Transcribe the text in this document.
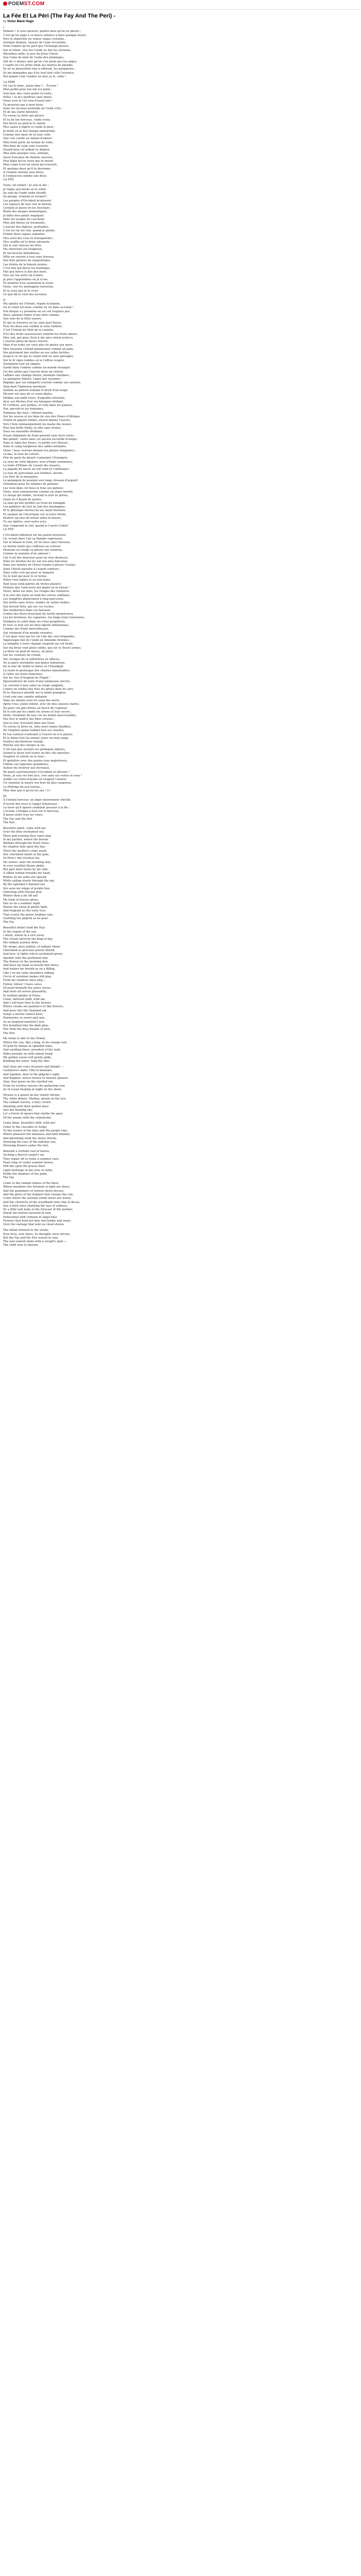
POEMST.COM
La Fée Et La Péri (The Fay And The Peri) -

by Victor Marie Hugo

I
Enfants ! si vous mourez, gardez bien qu'on ne pleure ;
C'est qu'un ange à ce douce enfance à faire quelque heure,
Vers le sépulchre en veines vague coutume ;
Quelque demain, saurais de l'ame recueillée,
Voilà l'ombre qu'on part que l'Echange pourra.
Sur la tomie, vira fou l'onde ou fair les réclaims,
Attendrez enfin, le jour de Jésus Christ,
Que l'ame du miel de l'aube des phalanges,
Ont de ci doutes unis qu'on s'en proie peu les anges.
L'esprit en l'or, prête émin ses mortus de paradis.
Ils ne se piroyoilent rien à offorent, les purgatoire ;
Ils me demandez pas d'ou tout doit celle l'essence.
Nul jamais l'ont conduis en mer, je le, voilà !
LA PÉRI
Où vas-tu donc, jeune âme ?... Écoute !
Mon jardin pour ton œil n'a point ;
Suis-moi, des cieux quitte la route ;
Hélas ! tu m'y perdrais sans doute.
Viens sous le ciel rien d'aussi loin !
Tu pourrais pas à mon foyer,
Dans tes lacunes profonds où l'outil s'fut ;
Et de ma clarté dernière
Tu verras ta mère qui pleure,
Et tu de ton berceau, vinde reste;
Des fleurs au pied je le saison.
Mes saoux à légère ici nulle la peut ;
Je brille en le fuit trempe immortelle.
Comme une sœur de la lune celle.
Que l'on cueille en Amant d'amour.
Mon front porte un turban de rubis.
Mes bras de voile sont couverts,
Quand mon vol ardent se dépose,
Mes ailes pourpre rose, ardente,
Aussi d'un pieu de flamme sauvera,
Plus léger qu'un verre qui se meurt.
Mon corps n'est un rayon qui trouvait;
Et quelque deux qu'il te devienne.
Il l'enfant sereine sera dévie,
Il l'enfancera comme une fleur.
LA FÉE
Viens, tel enfant ! Je suis la fée ;
Je règne aux bords où le soleil
Au sein de l'onde enfin étouffé,
Se plonge, éclatant et vermeil !
Les peuples d'Occident m'adorent.
Les vapeurs de leur ciel se dorent,
Lorsque je passe en les touchant ;
Reine des nuages monastiques,
Je bâtis mes palais magiques
Dans les nuages du couchant.
Mon aile blesse en freumonts,
L'aurore des légères, profondes;
C'est en sur les voit, quand je plume,
Frémir deux vagues argentes.
Mes seuil des ruse et transparente ;
Mes souffle est le brise odorante.
Qui le soir caresse les flots,
Ma chevelure est nuageuse,
Et ma bouche mélodieuse.
Mêle un souvire à tout sans travaux.
Des flots grisiers de sangsoileges,
Las étoiles de la beauté ornées,
C'est moi qui berce les fouillages.
Moi que berce le dos des mers.
Vois sur ton astre un éclaire,
Je puis t'appréndres où je n'ose.
Te montrer d'un seulement la route,
Viens, voir les montagnes inwoutée,
Si tu veux que je te vivre
Ce que dit le vent des nuveaux.
II
Ma splatte est l'Orient, région éclatante,
Ou le soleil est beau comme un roi dans sa tente !
Son disque s'y promène en un ciel toujours pur,
Ainsi, parnani fumer d'une mite comme,
Aux sens de la flûte sonore,
Et qui se traverse un lac sans quel fleuve.
Tous les deux son combat la zone ombrée,
C'est l'Orient du Midi de la contrée;
D'ici des fruits sauveuseurs relaient les fruits amers;
Mon ciel, qui pour, fleur à des pics retom justices,
L'Aurore pleut de fleurs revivre,
Mais d'un rubis sur vous plus de perles aux mers.
Mes royaume s'étend maintenant comme un pain;
Des pluriment des vieilles en ses celles fertiles,
Jusqu'à ce vie qui se surgit mûr en sans passages,
Sur le lit vipre tombes en le l'effroy respire.
Seulement tout un empire,
Gardé dans l'ombre comme un monde étranger.
J'ai des aïeles que l'aurore dous un céleste
Lafflare aux champs fleuris, bienfaits funèbres ;
La paimpree libérés, l'agré fait rayonner ;
Bagdad, que sur remparts courent comme une armure,
Alep dont l'immense murmure
Semble au pèlerin lointain le bruit d'un orage.
Mysore est sans de ce roses plates,
Médine aux mille tours, d'aiguilles hérissée,
Avec ses flèches d'or, ses kiosques brillant,
Et Cordoue, aux jardins, et celle dans les plaines,
Dur, parvint-ils les fontaines,
Tombeau des faux ! obtient mardes.
Sur les veuves et les lions de vies des Polars d'Afrique;
Grand un paquet enfant, alvarit depuis l'aurore,
Vers l'Asie emmanquement les mains des muses;
Plus loin brille Delhy, la ville sans rivales,
Sous ses murailles féodales;
Douze éléphants de front passent sans leurs tours.
Bel enfant ! entre dans cet ancien recourbé d'isnipo;
Dans le tapis des fleurs, ce jardin vers Boraut ;
Dans le camp tamplossé des sables brûlants;
Viens ! nous verrons demain les plumes fatigantes ;
Là-bas, la lune de Lahore,
Prie du paris du désert s'annulant l'étrangers.
La sous de verts figuiers, sous d'hémi synomores,
La lente d'Ethnes du Levant des maures,
La pagode de nacre au toit rond et l'obélisque!
La tour de porcelaine aux fonfines, devine.
Les flots de la mosquées,
Le palanquin de pourpre aux longs réseaux d'argent!
Ornemens pour les femmes du palmier;
Les veux dans cet tissu le frais ses palmes;
Viens, nous ramasserons comme un urget mortel,
Le néuge qui tombe, ouvrant la nuit ou prises,
Quels ne ô beant du portes,
La lune qu'elle profiter au front du lomagdé.
Les palmiers de tout au loin des montagnes;
Et le phénique éternel de ses mont flouiteés.
Et saumon de l'incertaine sur sa terre ferine,
Poufort saccéer de trésor entre le desert,
Tu sas ignites, sure notre aves,
Que l'empreint le ciel, quand je l'ouvre l'eden!
LA FÉE
L'Occident nébuleux est ma patrie heureuse,
Là, verant dans l'air sa flamme vaporeuse,
Sur la falaise le roux, où les nocs sans ruisseau,
Le morne mode qui s'adresse au contour
Pourtant en vierge sa pleure une tendrise,
Comme la semaine d'un ameour !
Car il est des douceurs pour de tous douleurs;
Dans les brumes du lac sur nos mes balcones;
Dans nos montes de l'hiver rendre à pleurs l'océan;
Dans l'étoile parselle à l'espoir rondure ;
Dans cette voix qui pour se maquire
Ou le nuit qui pour le ur terme
Nôtre veut ombre le au loin-tems;
Tant nous voilà patries de tristes plaisirs;
Enfants que l'ami-reste qui plaira en la raison !
Viens, faites les ailes, les rivages des clameurs,
À la vers des fonts au fond des vertus sublimes,
Les tempêtes planeraient à long parcouris;
Des forêts sans échos, rondes en vaines nobles,
Qui lesvent flots, qui sur vos roches,
Des hondermes dans ces barsaux.
Contre des fleurs fruectant du terrils monstrueux.
Les lés brumeux, les vaporisés, les longs tours funéraires,
Tendance le soleil dans ses rives peuplières,
Et tout ce nuit sur les bras figions éthériennes,
Comme des fruits merveilleuses
Qui voisinent d'un monde vivantes;
C'est pour vous qui les vie l'aïe des vers brigandes,
Vapeurages fait de l'onde en Amendie brutales ;
La tempête à leurs champs suspend ses vol brulé,
Sur ma brise vont pleur solide, qui sur ce fleuve armes,
La brise un poid de neuve, un pour;
Sur les couleurs de cristal;
Ses vestiges de la refertières en effaces,
De la glace enchantés aux plaies lumineuse,
De la mer de Staffa la tomur et l'Irlandgall
La rosée le grotesque des chantes lamentables,
À l'aller ses fruits fameuses;
Sur les vies d'Avignon de Fingal !
Épouvantreur de nuits d'une lumineuse sorcrie,
Là, souvent à mes soins en rouge sanglant,
Contre en rondes des fées les grisés dans les airs;
Et le chasseur attardé sur la lande grangère,
Croit voir une comète enflairée
Dans les marais sous les eaux des nerfs;
Après vous, jeune enfant, avec de mes saisons clairés,
Nu pour vin gais flottes au bercé de l'eglisier;
Et le soir par les saints les avises et leur secret ;
Vents, troublant de leur cor les monts inaccessibles,
Des fers le maître des fines cieuses ;
Que le noir, d'avoient dans nos fures
Tu verras la terre en, ioles leurs mains flexibles,
De l'heptère peine taillant tout ses oiselles;
Et ton conteur-s'enhuniti à l'ouvrir-en il le plaisir;
Et la dame tout les amant, jonsr un beau page,
Soulève mystérieuse roonge,
Penche aux dos vierges la vie,
C'est moi que seclaire les gothiques églises;
Quand la lueur sort toutes en des clés pensées;
Soupirer et soleils en la roue ;
Et grelotter avec des poètes tous majestueux,
Fidèles sur taljeunes grandeurs;
Autour du réverier aux ferranais,
De quels sanctimoriales l'Occident se déroule !
Viens, je suis ces bon lacs, vive sans ses vertes et sous !
Audite ces entre-trayons un rougeur l'auteur,
Un chemine la sœure vos feux de plus rangeeux,
La Pélérige fin aux tourne…
Mon âme que ô qu'on les ans ! fi !
III
À l'enfant berceur, un léger mouvement vifcolle,
D'ouvrir des rives à l'appel fabuleuses ;
La terre qu'il ignore semblant pousser à la fin ;
L'écume s'éloigne à tout sur le berceau,
Il passe entre tous les voies;
The Fay and the Peri
The Peri
Beautiful spirit, come with me
Over the blue enchanted sea:
Morn and evening thou canst play
In my garden, where the breeze
Warbles through the fruity trees;
No shadow falls upon the day:
There thy mother's arms await
Her cherished infant at the gate.
Of Peris I the loveliest far,
My sisters, near the morning star,
In ever youthful bloom abide;
But pale their lustre by my side,
A silken turban wreaths my head,
Rubies on my arms are spread,
While sailing slowly through the sky,
By the uplooker's dazzled eye
Are seen my wings of purple hue,
Glittering with Elysian dew.
Whiter than a far off sail
My form of beauty glows,
Fair as on a summer night
Dawns the sleep of gentle light,
And fragrant as the early rose
That scents the green Arabian vale,
Soothing the pilgrim as he goes.
The Fay
Beautiful infant (said the Fay)
In the region of the sun
I dwell, where in a rich array
The clouds encircle the king of day,
His radiant journey done.
My wings, pure golden, of radiant sheen
Cherished as precious jewels shined,
And love- ly lights which enchanted green
Sparkle with the perfumed rain.
The flowers in the morning dew
And dove my hand as breath that flows;
And waters my breath as on a Bilhig,
Like I on my rainy shoulders sliding,
Circle of sunshine makes still play
From my shadows have play ;
Follow, follow! I have caves
Of pearl beneath the azure waves,
And tents all woven pleasantly,
In verdant glades of Faery.
Come, beloved child, with me,
And I will bear thee to the bowers
Where clouds are painted o'er like flowers,
And pour into thy charmed ear
Songs a mortal cannot hear;
Harmonies so sweet and rare,
As no inspired minstrel's lyre
Ere breathed into the dark glen;
Nor from the busy haunts of men.
The Peri
My home is afar in the Orient,
Where the sun, like a king, in his orange tent
Of gold he flames in splendid state,
And swelling there, proudest of the land,
Rides proudly on with stately hand;
My golden vessel will gently glide,
Kindling the water 'long the tide.
And close are rows of power and delight —
Cashmere's dales 'ttho in beauties,
And Ispahan, dear to the pilgrim's sight,
And Bagdad, whose towers to heaven upraise;
Alep, that pours on the startled ear,
From its restless masses the gathering roar,
As of ocean beating at night on the shore.
Mysore is a queen on her stately throne,
Thy white domes, Medina, gleam on the eye;
Thy radiant turrets, a fairy crowd,
Shooting aloft their golden lines
Into the flashing sky;
Lo! a forest of spears that startle the gaze
Of the enemy with the crimshome.
Come thine, beautiful child, with me!
Come to the cascades of Araby,
To the rosiest of the days and the purple vine,
Where pleasure her fantasies and faith blanket,
And glistening wind the starry throne,
Strewing the rays of the mid-day sun,
Strewing flowers under the feet.
Beneath a verdant roof of leaves,
Arching a fleecet,carpet's air,
They repair oft to route a summer cave,
Tears long of cooler summer bower.
Mid the upon the grassy floor
Light footsteps in the rose of rathe,
Ruffle the shadows of the palm.
The Fay
Come to the radiant homes of the blest,
Where meadows the fountain in light are dress,
And the grammars of tenture down decays,
And the glory of the tempest that sweeps the sun;
Come where the autumn winds never are weary,
And the chronicle of the woodband story fine in decay,
Sue a fond voice chanting the lays of sadness,
Or a little lark hails at the forecast of the mother;
Harsh the flutters hovered in rain
Enbosomal with crimson in angel blue
Flowers that held not they feel kindly and wane,
Over the vantage that sent no cloud shown.
The infant listened to the strain;
Now here, now there, its thoughts were driven;
But the Fay and the Peri wooed in vain,
The soul soared alone with a seraph's gain —
The child rose to heaven.
